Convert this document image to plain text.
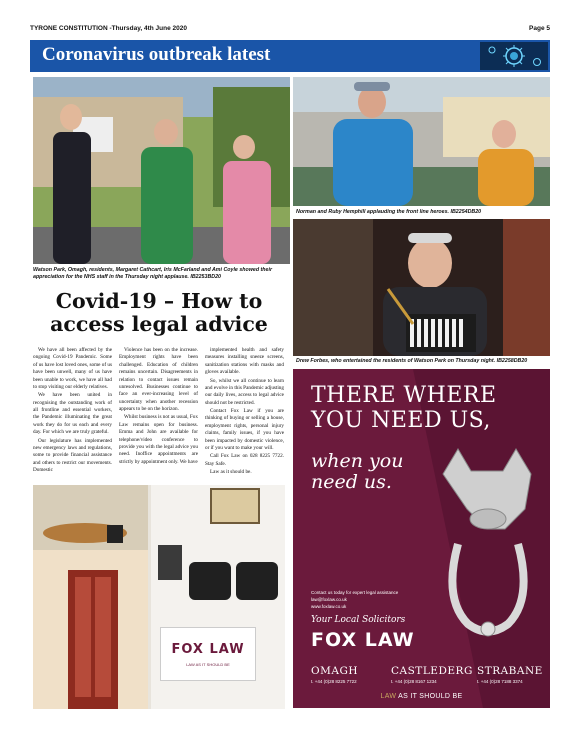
TYRONE CONSTITUTION -Thursday, 4th June 2020	Page 5
Coronavirus outbreak latest
Watson Park, Omagh, residents, Margaret Cathcart, Iris McFarland and Ami Coyle showed their appreciation for the NHS staff in the Thursday night applause. IB2253BD20
Norman and Ruby Hemphill applauding the front line heroes. IB2254DB20
Drew Forbes, who entertained the residents of Watson Park on Thursday night. IB2258DB20
Covid-19 – How to access legal advice

We have all been affected by the ongoing Covid-19 Pandemic. Some of us have lost loved ones, some of us have been unwell, many of us have been unable to work, we have all had to stop visiting our elderly relatives.

We have been united in recognising the outstanding work of all frontline and essential workers, the Pandemic illuminating the great work they do for us each and every day. For which we are truly grateful.

Our legislature has implemented new emergency laws and regulations, some to provide financial assistance and others to restrict our movements. Domestic

Violence has been on the increase. Employment rights have been challenged. Education of children remains uncertain. Disagreements in relation to contact issues remain unresolved. Businesses continue to face an ever-increasing level of uncertainty when another recession appears to be on the horizon.

Whilst business is not as usual, Fox Law remains open for business. Emma and John are available for telephone/video conference to provide you with the legal advice you need. Inoffice appointments are strictly by appointment only. We have

implemented health and safety measures installing sneeze screens, sanitization stations with masks and gloves available.

So, whilst we all continue to learn and evolve in this Pandemic adjusting our daily lives, access to legal advice should not be restricted.

Contact Fox Law if you are thinking of buying or selling a house, employment rights, personal injury claims, family issues, if you have been impacted by domestic violence, or if you want to make your will.

Call Fox Law on 028 8225 7722. Stay Safe.

Law as it should be.

FOX LAW
LAW AS IT SHOULD BE
THERE WHERE YOU NEED US,
when you need us.
Contact us today for expert legal assistance
law@foxlaw.co.uk
www.foxlaw.co.uk
Your Local Solicitors
FOX LAW
OMAGH
t. +44 (0)28 8225 7722
CASTLEDERG
t. +44 (0)28 8167 1234
STRABANE
t. +44 (0)28 7188 3374
LAW AS IT SHOULD BE
